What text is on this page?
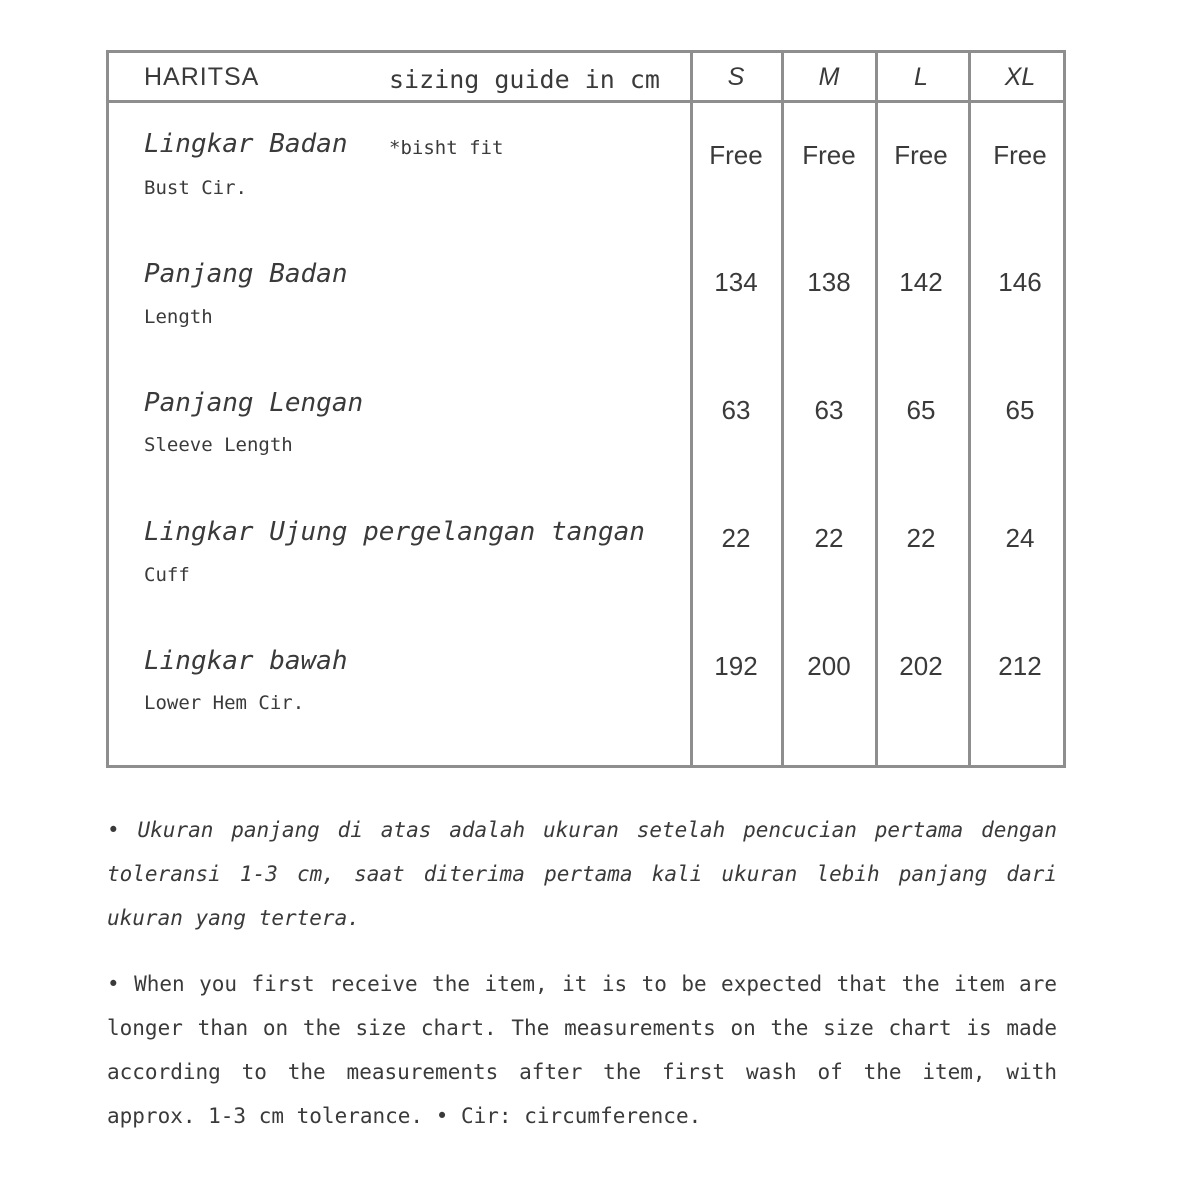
HARITSA	sizing guide in cm	S	M	L	XL
Lingkar Badan *bisht fit
Bust Cir.
Free	Free	Free	Free
Panjang Badan
Length
134	138	142	146
Panjang Lengan
Sleeve Length
63	63	65	65
Lingkar Ujung pergelangan tangan
Cuff
22	22	22	24
Lingkar bawah
Lower Hem Cir.
192	200	202	212
• Ukuran panjang di atas adalah ukuran setelah pencucian pertama dengan toleransi 1-3 cm, saat diterima pertama kali ukuran lebih panjang dari ukuran yang tertera.
• When you first receive the item, it is to be expected that the item are longer than on the size chart. The measurements on the size chart is made according to the measurements after the first wash of the item, with approx. 1-3 cm tolerance. • Cir: circumference.
